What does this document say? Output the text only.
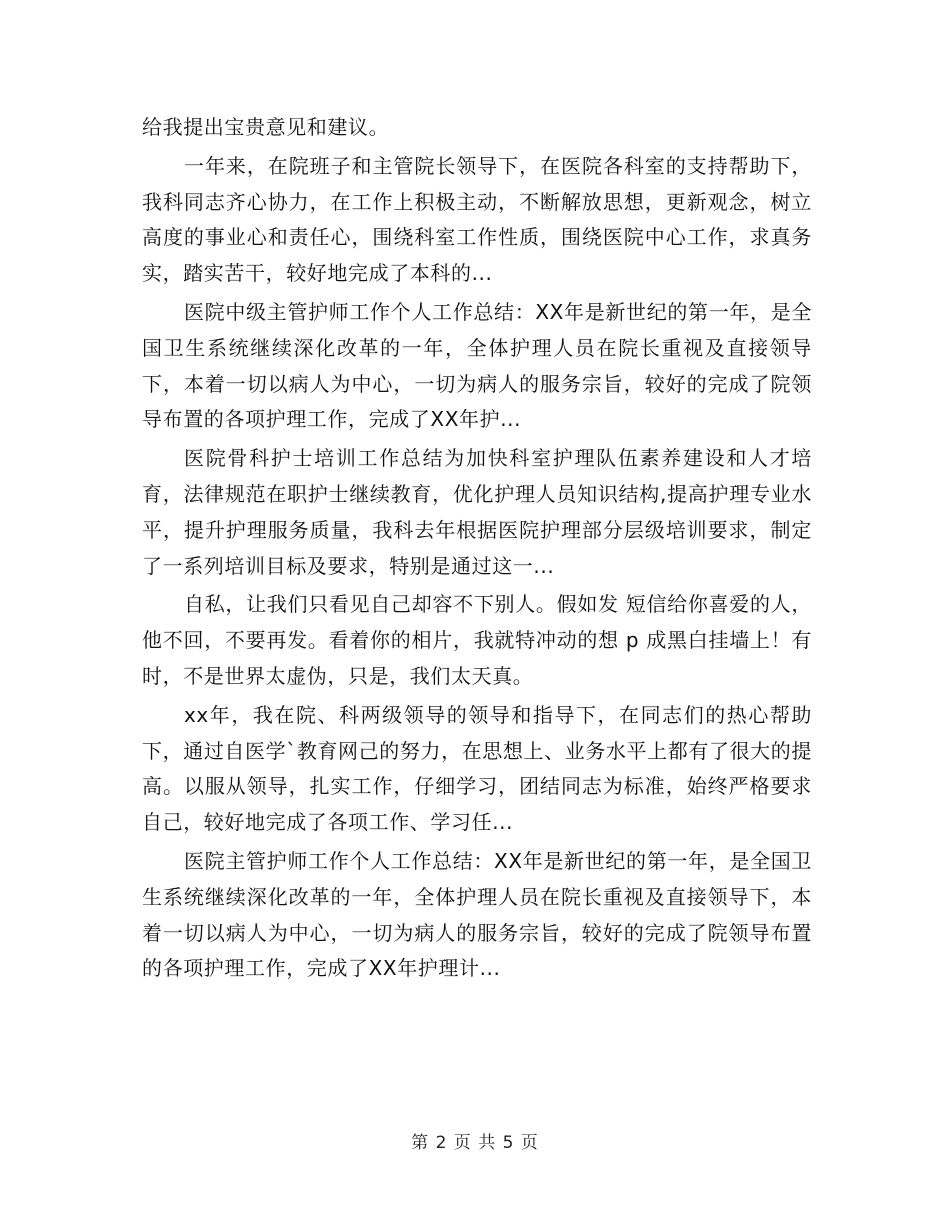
给我提出宝贵意见和建议。

一年来，在院班子和主管院长领导下，在医院各科室的支持帮助下，我科同志齐心协力，在工作上积极主动，不断解放思想，更新观念，树立高度的事业心和责任心，围绕科室工作性质，围绕医院中心工作，求真务实，踏实苦干，较好地完成了本科的...

医院中级主管护师工作个人工作总结：XX年是新世纪的第一年，是全国卫生系统继续深化改革的一年，全体护理人员在院长重视及直接领导下，本着一切以病人为中心，一切为病人的服务宗旨，较好的完成了院领导布置的各项护理工作，完成了XX年护...

医院骨科护士培训工作总结为加快科室护理队伍素养建设和人才培育，法律规范在职护士继续教育，优化护理人员知识结构,提高护理专业水平，提升护理服务质量，我科去年根据医院护理部分层级培训要求，制定了一系列培训目标及要求，特别是通过这一...

自私，让我们只看见自己却容不下别人。假如发 短信给你喜爱的人，他不回，不要再发。看着你的相片，我就特冲动的想 p 成黑白挂墙上！有时，不是世界太虚伪，只是，我们太天真。

xx年，我在院、科两级领导的领导和指导下，在同志们的热心帮助下，通过自医学`教育网己的努力，在思想上、业务水平上都有了很大的提高。以服从领导，扎实工作，仔细学习，团结同志为标准，始终严格要求自己，较好地完成了各项工作、学习任...

医院主管护师工作个人工作总结：XX年是新世纪的第一年，是全国卫生系统继续深化改革的一年，全体护理人员在院长重视及直接领导下，本着一切以病人为中心，一切为病人的服务宗旨，较好的完成了院领导布置的各项护理工作，完成了XX年护理计...

第 2 页 共 5 页
